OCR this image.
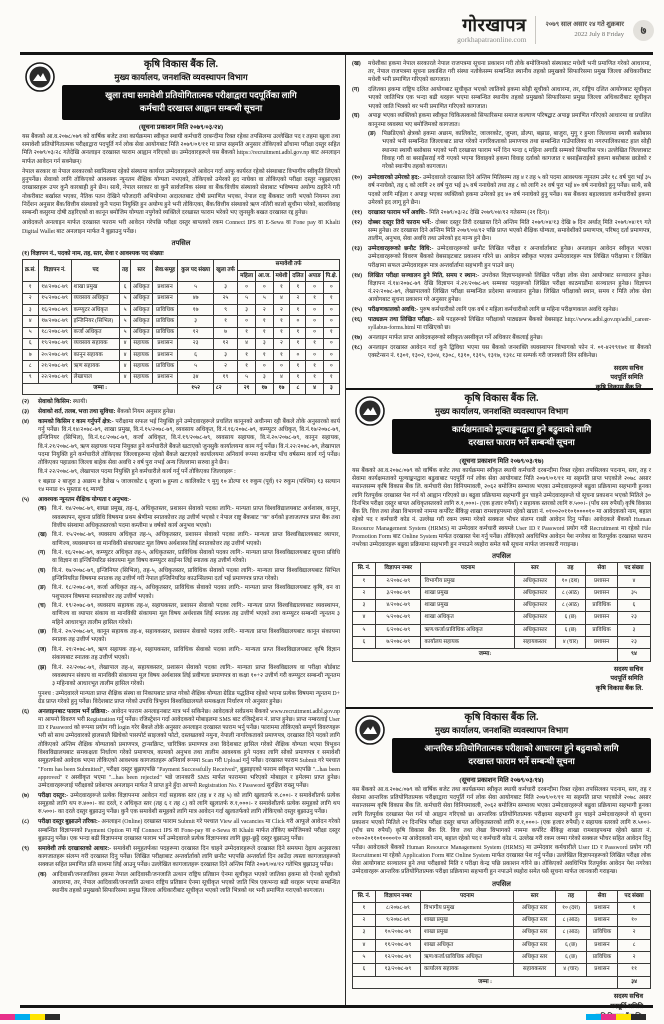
गोरखापत्र
gorkhapatraonline.com
२०७९ साल असार २४ गते शुक्रबार
2022 July 8 Friday	७
कृषि विकास बैंक लि.
मुख्य कार्यालय, जनशक्ति व्यवस्थापन विभाग
खुला तथा समावेशी प्रतियोगितात्मक परीक्षाद्वारा पदपूर्तिका लागि
कर्मचारी दरखास्त आह्वान सम्बन्धी सूचना
(सूचना प्रकाशन मिति २०७९/०३/२४)
यस बैंकको आ.व.२०७८/०७९ को वार्षिक बजेट तथा कार्यक्रममा स्वीकृत स्थायी कर्मचारी दरबन्दीमा रिक्त रहेका तपसिलमा उल्लेखित पद र तहमा खुला तथा समावेशी प्रतियोगितात्मक परीक्षाद्वारा पदपूर्ति गर्न लोक सेवा आयोगबाट मिति २०७९/०१/११ मा प्राप्त सहमति अनुसार तोकिएको ढाँचामा परीक्षा दस्तुर सहित मिति २०७९/०३/२८ गतेदेखि अनलाइन दरखास्त फाराम आह्वान गरिएको छ। उम्मेदवारहरूले यस बैंकको https://recruitment.adbl.gov.np बाट अनलाइन मार्फत आवेदन गर्न सक्नेछन्।
नेपाल सरकार वा नेपाल सरकारको स्वामित्वमा रहेको संस्थामा कार्यरत उम्मेदवारहरूले आवेदन गर्दा आफू कार्यरत रहेको संस्थाबाट विभागीय स्वीकृति लिएको हुनुपर्नेछ। सेवाको लागि तोकिएको आवश्यक न्यूनतम शैक्षिक योग्यता नभएको, तोकिएको उमेरको हद नाघेका वा तोकिएको परीक्षा दस्तुर नबुझाएका दरखास्तहरू उपर कुनै कारबाही हुने छैन। साथै, नेपाल सरकार वा कुनै सार्वजनिक संस्था वा बैंक/वित्तीय संस्थाको सेवाबाट भविष्यमा अयोग्य ठहरिने गरी नोकरीबाट बर्खास्त भएका, नैतिक पतन देखिने फौजदारी अभियोगमा अदालतबाट दोषी प्रमाणित भएका, नेपाल राष्ट्र बैंकबाट जारी भएको नियमन तथा निर्देशन अनुसार बैंक/वित्तीय संस्थाको कुनै पदमा नियुक्ति हुन अयोग्य हुने भनी तोकिएका, बैंक/वित्तीय संस्थाको ऋण नतिरी कालो सूचीमा परेको, बालविवाह सम्बन्धी कसुरमा दोषी ठहरिएको वा कानून बमोजिम योग्यता नपुगेको व्यक्तिले दरखास्त फाराम भरेको भए जुनसुकै बखत दरखास्त रद्द हुनेछ।
आवेदकले अनलाइन मार्फत दरखास्त फाराम भरी आवेदन गरेपछि परीक्षा दस्तुर बापतको रकम Connect IPS वा E-Sewa वा Fone pay वा Khalti Digital Wallet बाट अनलाइन मार्फत नै बुझाउनु पर्नेछ।
तपसिल
(१) विज्ञापन नं., पदको नाम, तह, स्तर, सेवा र आवश्यक पद संख्याः
क्र.सं.	विज्ञापन नं.	पद	तह	स्तर	सेवा/समूह	कुल पद संख्या	खुला तर्फ	समावेशी तर्फ					
								महिला	आ.ज.	मधेशी	दलित	अपाङ	पि.क्षे.
१	१४/२०७८-७९	शाखा प्रमुख	६	अधिकृत	प्रशासन	५	३	०	०	१	१	०	०
२	१५/२०७८-७९	व्यवसाय अधिकृत	५	अधिकृत	प्रशासन	४७	२५	५	५	४	२	१	१
३	१६/२०७८-७९	कम्प्युटर अधिकृत	५	अधिकृत	प्राविधिक	१७	९	३	२	२	१	०	०
४	१७/२०७८-७९	इन्जिनियर (सिभिल)	५	अधिकृत	प्राविधिक	३	१	०	१	१	०	०	०
५	१८/२०७८-७९	कर्जा अधिकृत	५	अधिकृत	प्राविधिक	१२	७	१	१	१	१	०	१
६	१९/२०७८-७९	व्यवसाय सहायक	४	सहायक	प्रशासन	२३	१२	४	३	२	१	१	०
७	२०/२०७८-७९	कानून सहायक	४	सहायक	प्रशासन	६	३	१	१	१	०	०	०
८	२१/२०७८-७९	ऋण सहायक	४	सहायक	प्राविधिक	५	२	१	०	०	१	१	०
९	२२/२०७८-७९	लेखापाल	४	सहायक	प्रशासन	३४	१९	५	३	४	१	१	१
जम्मा :						१५२	८२	२१	१७	१७	८	४	३
(२)	सेवाको किसिम: स्थायी।
(३)	सेवाको शर्त, तलब, भत्ता तथा सुविधा: बैंकको नियम अनुसार हुनेछ।
(४)	कामको किसिम र काम गर्नुपर्ने क्षेत्र:- परीक्षामा सफल भई नियुक्ति हुने उम्मेदवारहरूले प्रचलित कानूनको अधीनमा रही बैंकले तोके अनुसारको कार्य गर्नु पर्नेछ। वि.नं.१४/२०७८-७९, शाखा प्रमुख, वि.नं.१५/२०७८-७९, व्यवसाय अधिकृत, वि.नं.१६/२०७८-७९, कम्प्युटर अधिकृत, वि.नं.१७/२०७८-७९, इन्जिनियर (सिभिल), वि.नं.१८/२०७८-७९, कर्जा अधिकृत, वि.नं.१९/२०७८-७९, व्यवसाय सहायक, वि.नं.२०/२०७८-७९, कानून सहायक, वि.नं.२१/२०७८-७९, ऋण सहायक पदमा नियुक्त हुने कर्मचारीले बैंकले खटाएको जुनसुकै कार्यालयमा काम गर्नु पर्नेछ। वि.नं.२२/२०७८-७९, लेखापाल पदमा नियुक्ति हुने कर्मचारीले तोकिएका जिल्लाहरूमा रहेको बैंकले खटाएको कार्यालयमा अनिवार्य रूपमा कम्तीमा पाँच वर्षसम्म कार्य गर्नु पर्नेछ। तोकिएका पहाडका जिल्ला बाहेक सेवा अवधि २ वर्ष पुरा नभई अन्य जिल्लामा सरुवा हुने छैन।
वि.नं २२/२०७८-७९, लेखापाल पदमा नियुक्ति हुने कर्मचारीले कार्य गर्नु पर्ने तोकिएका जिल्लाहरू :
१ बझाङ २ बाजुरा ३ अछाम ४ दैलेख ५ जाजरकोट ६ जुम्ला ७ हुम्ला ८ कालिकोट ९ मुगु १० डोल्पा ११ रुकुम (पूर्व) १२ रुकुम (पश्चिम) १३ सल्यान १४ मनाङ १५ मुस्ताङ १६ म्याग्दी
(५)	आवश्यक न्यूनतम शैक्षिक योग्यता र अनुभव:-
(क) वि.नं. १४/२०७८-७९, शाखा प्रमुख, तह-६, अधिकृतस्तर, प्रशासन सेवाको पदका लागि:- मान्यता प्राप्त विश्वविद्यालयबाट अर्थशास्त्र, कानून, व्यवस्थापन, सूचना प्रविधि विषयमा प्रथम श्रेणीमा स्नातकोत्तर तह उत्तीर्ण भएको र नेपाल राष्ट्र बैंकबाट "क" वर्गको इजाजतपत्र प्राप्त बैंक तथा वित्तीय संस्थामा अधिकृतस्तरको पदमा कम्तीमा ४ वर्षको कार्य अनुभव भएको।
(ख) वि.नं. १५/२०७८-७९, व्यवसाय अधिकृत तह-५, अधिकृतस्तर, प्रशासन सेवाको पदका लागि:- मान्यता प्राप्त विश्वविद्यालयबाट व्यापार, वाणिज्य, व्यवस्थापन वा मानविकी संकायबाट मूल विषय अर्थशास्त्र लिई स्नातकोत्तर तह उत्तीर्ण भएको।
(ग)	वि.नं. १६/२०७८-७९, कम्प्युटर अधिकृत तह-५, अधिकृतस्तर, प्राविधिक सेवाको पदका लागि:- मान्यता प्राप्त विश्वविद्यालयबाट सूचना प्रविधि वा विज्ञान वा इन्जिनियरिङ संकायमा मूल विषय कम्प्युटर साईन्स लिई स्नातक तह उत्तीर्ण गरेको।
(घ)	वि.नं. १७/२०७८-७९, इन्जिनियर (सिभिल), तह-५, अधिकृतस्तर, प्राविधिक सेवाको पदका लागि:- मान्यता प्राप्त विश्वविद्यालयबाट सिभिल इन्जिनियरिङ विषयमा स्नातक तह उत्तीर्ण गरी नेपाल इन्जिनियरिङ काउन्सिलमा दर्ता भई प्रमाणपत्र प्राप्त गरेको।
(ङ)	वि.नं. १८/२०७८-७९, कर्जा अधिकृत तह-५, अधिकृतस्तर, प्राविधिक सेवाको पदका लागि:- मान्यता प्राप्त विश्वविद्यालयबाट कृषि, वन वा पशुपालन विषयमा स्नातकोत्तर तह उत्तीर्ण भएको।
(च)	वि.नं. १९/२०७८-७९, व्यवसाय सहायक तह-४, सहायकस्तर, प्रशासन सेवाको पदका लागि:- मान्यता प्राप्त विश्वविद्यालयबाट व्यवस्थापन, वाणिज्य वा व्यापार संकाय वा मानविकी संकायमा मूल विषय अर्थशास्त्र लिई स्नातक तह उत्तीर्ण भएको तथा कम्प्युटर सम्बन्धी न्यूनतम ३ महिने आधारभूत तालीम हासिल गरेको।
(छ)	वि.नं. २०/२०७८-७९, कानून सहायक तह-४, सहायकस्तर, प्रशासन सेवाको पदका लागि:- मान्यता प्राप्त विश्वविद्यालयबाट कानून संकायमा स्नातक तह उत्तीर्ण भएको।
(ज) वि.नं. २१/२०७८-७९, ऋण सहायक तह-४, सहायकस्तर, प्राविधिक सेवाको पदका लागि:- मान्यता प्राप्त विश्वविद्यालयबाट कृषि विज्ञान संकायबाट स्नातक तह उत्तीर्ण भएको।
(झ) वि.नं. २२/२०७८-७९, लेखापाल तह-४, सहायकस्तर, प्रशासन सेवाको पदका लागि:- मान्यता प्राप्त विश्वविद्यालय वा परीक्षा बोर्डबाट व्यवस्थापन संकाय वा मानविकी संकायमा मूल विषय अर्थशास्त्र लिई प्रवीणता प्रमाणपत्र वा कक्षा १०+२ उत्तीर्ण गरी कम्प्युटर सम्बन्धी न्यूनतम ३ महिनाको आधारभूत तालीम हासिल गरेको।
पुनश्च : उम्मेदवारले मान्यता प्राप्त शैक्षिक संस्था वा निकायबाट प्राप्त गरेको शैक्षिक योग्यता ग्रेडिङ पद्धतिमा रहेको भएमा प्रत्येक विषयमा न्यूनतम D+ ग्रेड प्राप्त गरेको हुनु पर्नेछ। विदेशबाट प्राप्त गरेको उपाधि त्रिभुवन विश्वविद्यालयले समकक्षता निर्धारण गरे अनुसार हुनेछ।
(६)	अनलाइनबाट फाराम भर्ने प्रक्रिया:- आवेदन फाराम अनलाइनबाट मात्र भर्न सकिनेछ। आवेदकले सर्वप्रथम बैंकको www.recruitment.adbl.gov.np मा आफ्नो विवरण भरी Registration गर्नु पर्नेछ। रजिस्ट्रेशन गर्दा आवेदकको मोबाइलमा SMS बाट रजिस्ट्रेशन नं. प्राप्त हुनेछ। प्राप्त नम्बरलाई User ID र Password को रूपमा प्रयोग गरी login गरेर बैंकले तोके अनुसार अनलाइन दरखास्त फाराम भर्नु पर्नेछ। फाराममा तोकिएको सम्पूर्ण विवरणहरू भरी सो साथ उम्मेदवारको हालसालै खिचेको पासपोर्ट साइजको फोटो, दस्तखतको नमुना, नेपाली नागरिकताको प्रमाणपत्र, दरखास्त दिने पदको लागि तोकिएको अन्तिम शैक्षिक योग्यताको प्रमाणपत्र, ट्रान्सक्रिप्ट, चारित्रिक प्रमाणपत्र तथा विदेशबाट हासिल गरेको शैक्षिक योग्यता भएमा त्रिभुवन विश्वविद्यालयबाट समकक्षता निर्धारण गरेको प्रमाणपत्र, कामको अनुभव तथा तालीम आवश्यक हुने पदका लागि सोको प्रमाणपत्र र समावेशी समूहतर्फको आवेदक भएमा तोकिएको आवश्यक कागजातहरू अनिवार्य रूपमा Scan गरी Upload गर्नु पर्नेछ। दरखास्त फाराम Submit गरे पश्चात "Form has been Submitted", परीक्षा दस्तुर बुझाएपछि "Payment Successfully Received", बुझाइएको फाराम स्वीकृत भएपछि "...has been approved" र अस्वीकृत भएमा "...has been rejected" भन्ने जानकारी SMS मार्फत फाराममा भरिएको मोबाइल र इमेलमा प्राप्त हुनेछ। उम्मेदवारहरूलाई परीक्षाको प्रवेशपत्र अनलाइन मार्फत नै प्राप्त हुने हुँदा आफ्नो Registration No. र Password सुरक्षित राख्नु पर्नेछ।
(७)	परीक्षा दस्तुर:- उम्मेदवारहरूले प्रत्येक विज्ञापनमा आवेदन गर्दा सहायक स्तर (तह ४ र तह ५) को लागि खुलातर्फ रु.८००।- र समावेशीतर्फ प्रत्येक समूहको लागि थप रु.४००।- का दरले, र अधिकृत स्तर (तह ६ र तह ८) को लागि खुलातर्फ रु.१,०००।- र समावेशीतर्फ प्रत्येक समूहको लागि थप रु.५००।- का दरले दस्तुर बुझाउनु पर्नेछ। कुनै एक समावेशी समूहको लागि मात्र आवेदन गर्दा खुलातर्फको लागि तोकिएको दस्तुर बुझाउनु पर्नेछ।
(८)	परीक्षा दस्तुर बुझाउने तरिका:- अनलाइन (Online) दरखास्त फाराम Submit गरे पश्चात View all vacancies मा Click गरी आफूले आवेदन गरेको सम्बन्धित विज्ञापनको Payment Option मा गई Connect IPS वा Fone-pay वा e-Sewa वा Khalti मार्फत तोकिए बमोजिमको परीक्षा दस्तुर बुझाउनु पर्नेछ। एक भन्दा बढी विज्ञापनमा दरखास्त फाराम भर्ने उम्मेदवारले प्रत्येक विज्ञापनका लागि छुट्टा-छुट्टै दस्तुर बुझाउनु पर्नेछ।
(९)	समावेशी तर्फ दरखास्तको आधार:- समावेशी समूहतर्फका पदहरूमा दरखास्त दिन चाहने उम्मेदवारहरूले दरखास्त दिने समयमा देहाय अनुसारका कागजातहरू संलग्न गरी दरखास्त दिनु पर्नेछ। लिखित परीक्षाबाट अन्तर्वार्ताको लागि छनौट भएपछि अन्तर्वार्ता दिन आउँदा त्यस्ता कागजातहरूको सक्कल सहित प्रमाणित प्रति साथमा लिई आउनु पर्नेछ। उल्लेखित कागजातहरू दरखास्त दिने अन्तिम मिति २०७९/०४/१२ गतेभित्र बुझाउनु पर्नेछ।
(क) आदिवासी/जनजातिका हकमा नेपाल आदिवासी/जनजाति उत्थान राष्ट्रिय प्रतिष्ठान ऐनमा सूचीकृत भएको जातिका हकमा सो ऐनको सूचीको आधारमा, तर, नेपाल आदिवासी/जनजाति उत्थान राष्ट्रिय प्रतिष्ठान ऐनमा सूचीकृत भएको जाति भित्र एकभन्दा बढी थरहरू भएमा सम्बन्धित स्थानीय तहको प्रमुखको सिफारिसमा प्रमुख जिल्ला अधिकारीबाट सूचीकृत भएको जाति भित्रको थर भनी प्रमाणित गराएको कागजात।
(ख)	मधेशीका हकमा नेपाल सरकारले नेपाल राजपत्रमा सूचना प्रकाशन गरी तोके बमोजिमको संस्थाबाट मधेशी भनी प्रमाणित गरेको आधारमा, तर, नेपाल राजपत्रमा सूचना प्रकाशित गरी संस्था नतोकेसम्म सम्बन्धित स्थानीय तहको प्रमुखको सिफारिसमा प्रमुख जिल्ला अधिकारीबाट मधेशी भनी प्रमाणित गरिएको कागजात।
(ग)	दलितका हकमा राष्ट्रिय दलित आयोगबाट सूचीकृत भएको जातिको हकमा सोही सूचीको आधारमा, तर, राष्ट्रिय दलित आयोगबाट सूचीकृत भएको जातिभित्र एक भन्दा बढी थरहरू भएमा सम्बन्धित स्थानीय तहको प्रमुखको सिफारिसमा प्रमुख जिल्ला अधिकारीबाट सूचीकृत भएको जाति भित्रको थर भनी प्रमाणित गरिएको कागजात।
(घ)	अपाङ्ग भएका व्यक्तिको हकमा स्वीकृत चिकित्सकको सिफारिसमा समाज कल्याण परिषद्बाट अपाङ्ग प्रमाणित गरिएको आधारमा वा प्रचलित कानूनमा व्यवस्था भए बमोजिमको कागजात।
(ङ)	पिछडिएको क्षेत्रको हकमा अछाम, कालिकोट, जाजरकोट, जुम्ला, डोल्पा, बझाङ, बाजुरा, मुगु र हुम्ला जिल्लामा स्थायी बसोबास भएको भनी सम्बन्धित जिल्लाबाट प्राप्त गरेको नागरिकताको प्रमाणपत्र तथा सम्बन्धित गाउँपालिका वा नगरपालिकाबाट हाल सोही स्थानमा स्थायी बसोबास भएको भनी दरखास्त फाराम भर्ने दिन भन्दा ६ महिना अगाडि सम्मको सिफारिस पत्र। उल्लेखित जिल्लाबाट विवाह गरी वा बसाइँसराई गरी गएको भएमा विवाहको हकमा विवाह दर्ताको कागजात र बसाइँसराईको हकमा बसोबास छाडेको र गरेको स्थानीय तहको कागजात।
(१०)	उम्मेदवारको उमेरको हद:- उम्मेदवारले दरखास्त दिने अन्तिम मितिसम्म तह ४ र तह ५ को पदमा आवश्यक न्यूनतम उमेर १८ वर्ष पुरा भई ३५ वर्ष ननाघेको, तह ६ को लागि २१ वर्ष पुरा भई ३५ वर्ष ननाघेको तथा तह ८ को लागि २१ वर्ष पुरा भई ४० वर्ष ननाघेको हुनु पर्नेछ। साथै, सबै पदको लागि महिला र अपाङ्ग भएका व्यक्तिको हकमा उमेरको हद ४० वर्ष ननाघेको हुनु पर्नेछ। यस बैंकका बहालवाला कर्मचारीको हकमा उमेरको हद लागू हुने छैन।
(११)	दरखास्त फाराम भर्ने अवधि:- मिति २०७९/०३/२८ देखि २०७९/०४/१२ गतेसम्म (२१ दिन)।
(१२)	दोब्बर दस्तुर तिरी फाराम भर्ने:- दोब्बर दस्तुर तिरी दरखास्त दिने अन्तिम मिति २०७९/०४/१३ देखि ७ दिन अर्थात् मिति २०७९/०४/१९ गते सम्म हुनेछ। तर दरखास्त दिने अन्तिम मिति २०७९/०४/१२ पछि प्राप्त भएको शैक्षिक योग्यता, समावेशीको प्रमाणपत्र, परिषद् दर्ता प्रमाणपत्र, तालीम, अनुभव, सेवा अवधि तथा उमेरको हद मान्य हुने छैन।
(१३)	उम्मेदवारहरूको छनौट विधि:- उम्मेदवारहरूको छनौट लिखित परीक्षा र अन्तर्वार्ताबाट हुनेछ। अनलाइन आवेदन स्वीकृत भएका उम्मेदवारहरूको विवरण बैंकको वेबसाइटबाट प्रकाशन गरिने छ। आवेदन स्वीकृत भएका उम्मेदवारहरू मात्र लिखित परीक्षामा र लिखित परीक्षामा सफल उम्मेदवारहरू मात्र अन्तर्वार्तामा सहभागी हुन पाउने छन्।
(१४)	लिखित परीक्षा सञ्चालन हुने मिति, समय र स्थान:- उपरोक्त विज्ञापनहरूको लिखित परीक्षा लोक सेवा आयोगबाट सञ्चालन हुनेछ। विज्ञापन नं.१४/२०७८-७९ देखि विज्ञापन नं.२१/२०७८-७९ सम्मका पदहरूको लिखित परीक्षा काठमाडौंमा सञ्चालन हुनेछ। विज्ञापन नं.२२/२०७८-७९, लेखापालको लिखित परीक्षा सम्बन्धित प्रदेशमा सञ्चालन हुनेछ। लिखित परीक्षाको स्थान, समय र मिति लोक सेवा आयोगबाट सूचना प्रकाशन गरे अनुसार हुनेछ।
(१५)	परीक्षणकालको अवधि:- पुरुष कर्मचारीको लागि एक वर्ष र महिला कर्मचारीको लागि छ महिना परीक्षणकाल अवधि रहनेछ।
(१६)	पाठ्यक्रम तथा लिखित परीक्षा:- सबै पदहरूको लिखित परीक्षाको पाठ्यक्रम बैंकको वेबसाइट http://www.adbl.gov.np/adbl_career-syllabus-forms.html मा राखिएको छ।
(१७)	अनलाइन मार्फत प्राप्त आवेदकहरूको स्वीकृत/अस्वीकृत गर्ने अधिकार बैंकलाई हुनेछ।
(१८)	अनलाइन दरखास्त आवेदन गर्दा कुनै द्विविधा भएमा यस बैंकको जनशक्ति व्यवस्थापन विभागको फोन नं. ०१-४२१९१७१ वा बैंकको एक्स्टेन्सन नं. १३०१, १३०२, १३०४, १३०८, १३१०, १३१५, १३१७, १३१८ मा सम्पर्क गरी जानकारी लिन सकिनेछ।
सदस्य सचिव
पदपूर्ति समिति
कृषि विकास बैंक लि.
कृषि विकास बैंक लि.
मुख्य कार्यालय, जनशक्ति व्यवस्थापन विभाग
कार्यक्षमताको मूल्याङ्कनद्वारा हुने बढुवाको लागि
दरखास्त फाराम भर्ने सम्बन्धी सूचना
(सूचना प्रकाशन मिति २०७९/०३/१७)
यस बैंकको आ.व.२०७८/०७९ को वार्षिक बजेट तथा कार्यक्रममा स्वीकृत स्थायी कर्मचारी दरबन्दीमा रिक्त रहेका तपसिलका पदनाम, स्तर, तह र सेवामा कार्यक्षमताको मूल्याङ्कनद्वारा बढुवाबाट पदपूर्ति गर्न लोक सेवा आयोगबाट मिति २०७९/०१/११ मा सहमति प्राप्त भएकोले २०७८ असार मसान्तसम्म कृषि विकास बैंक लि. कर्मचारी सेवा विनियमावली, २०६२ बमोजिम सम्भाव्य भएका उम्मेदवारहरूले बढुवा प्रक्रियामा सहभागी हुनका लागि रितपूर्वक दरखास्त पेश गर्न यो आह्वान गरिएको छ। बढुवा प्रक्रियामा सहभागी हुन चाहने उम्मेदवारहरूले यो सूचना प्रकाशन भएको मितिले ३० दिनभित्र परीक्षा दस्तुर बापत अधिकृतस्तरको लागि रु.१,०००।- (एक हजार रुपैयाँ) र सहायक स्तरको लागि रु.५००।- (पाँच सय रुपैयाँ) कृषि विकास बैंक लि. वित्त तथा लेखा विभागको नाममा कर्पोरेट बैंकिङ्ग शाखा रामशाहपथमा रहेको खाता नं. ०१००२०११०१००००१० मा आवेदकको नाम, बहाल रहेको पद र कर्मचारी कोड नं. उल्लेख गरी रकम जम्मा गरेको सक्कल भौचर संलग्न राखी आवेदन दिनु पर्नेछ। आवेदकले बैंकको Human Resource Management System (HRMS) मा उम्मेदवार कर्मचारी स्वयम्ले User ID र Password प्रयोग गरी Recruitment मा रहेको File Promotion Form बाट Online System मार्फत दरखास्त पेश गर्नु पर्नेछ। तोकिएको अवधिभित्र आवेदन पेश नगरेका वा रितपूर्वक दरखास्त फाराम नभरेका उम्मेदवारहरू बढुवा प्रक्रियामा सहभागी हुन नपाउने व्यहोरा समेत यसै सूचना मार्फत जानकारी गराइन्छ।
तपसिल
सि. नं.	विज्ञापन नम्बर	पदनाम	स्तर	तह	सेवा	पद संख्या
१	२/२०७८-७९	विभागीय प्रमुख	अधिकृतस्तर	१० (दश)	प्रशासन	४
२	३/२०७८-७९	शाखा प्रमुख	अधिकृतस्तर	८ (आठ)	प्रशासन	३५
३	४/२०७८-७९	शाखा प्रमुख	अधिकृतस्तर	८ (आठ)	प्राविधिक	६
४	५/२०७८-७९	शाखा अधिकृत	अधिकृतस्तर	६ (छ)	प्रशासन	२३
५	६/२०७८-७९	ऋण/कर्जा/प्राविधिक अधिकृत	अधिकृतस्तर	६ (छ)	प्राविधिक	३
६	७/२०७८-७९	कार्यालय सहायक	सहायकस्तर	४ (चार)	प्रशासन	२३
जम्मा:						९४
सदस्य सचिव
पदपूर्ति समिति
कृषि विकास बैंक लि.
कृषि विकास बैंक लि.
मुख्य कार्यालय, जनशक्ति व्यवस्थापन विभाग
आन्तरिक प्रतियोगितात्मक परीक्षाको आधारमा हुने बढुवाको लागि
दरखास्त फाराम भर्ने सम्बन्धी सूचना
(सूचना प्रकाशन मिति २०७९/०३/१४)
यस बैंकको आ.व.२०७८/०७९ को वार्षिक बजेट तथा कार्यक्रममा स्वीकृत स्थायी कर्मचारी दरबन्दीमा रिक्त रहेका तपसिलका पदनाम, स्तर, तह र सेवामा आन्तरिक प्रतियोगितात्मक परीक्षाद्वारा पदपूर्ति गर्न लोक सेवा आयोगबाट मिति २०७९/०१/११ मा सहमति प्राप्त भएकोले २०७८ असार मसान्तसम्म कृषि विकास बैंक लि. कर्मचारी सेवा विनियमावली, २०६२ बमोजिम सम्भाव्य भएका उम्मेदवारहरूले बढुवा प्रक्रियामा सहभागी हुनका लागि रितपूर्वक दरखास्त पेश गर्न यो आह्वान गरिएको छ। आन्तरिक प्रतियोगितात्मक परीक्षामा सहभागी हुन चाहने उम्मेदवारहरूले यो सूचना प्रकाशन भएको मितिले २१ दिनभित्र परीक्षा दस्तुर बापत अधिकृतस्तरको लागि रु.१,०००।- (एक हजार रुपैयाँ) र सहायक स्तरको लागि रु.५००।- (पाँच सय रुपैयाँ) कृषि विकास बैंक लि. वित्त तथा लेखा विभागको नाममा कर्पोरेट बैंकिङ्ग शाखा रामशाहपथमा रहेको खाता नं. ०१००२०११०१००००१० मा आवेदकको नाम, बहाल रहेको पद र कर्मचारी कोड नं. उल्लेख गरी रकम जम्मा गरेको सक्कल भौचर सहित आवेदन दिनु पर्नेछ। आवेदकले बैंकको Human Resource Management System (HRMS) मा उम्मेदवार कर्मचारीले User ID र Password प्रयोग गरी Recruitment मा रहेको Application Form बाट Online System मार्फत दरखास्त पेश गर्नु पर्नेछ। उल्लेखित विज्ञापनहरूको लिखित परीक्षा लोक सेवा आयोगबाट सञ्चालन हुने तथा परीक्षाको मिति र परीक्षा केन्द्र पछि प्रकाशन गरिने छ। तोकिएको अवधिभित्र रितपूर्वक आवेदन पेश नगरेका उम्मेदवारहरू आन्तरिक प्रतियोगितात्मक परीक्षा प्रक्रियामा सहभागी हुन नपाउने व्यहोरा समेत यसै सूचना मार्फत जानकारी गराइन्छ।
तपसिल
सि. नं.	विज्ञापन नम्बर	पदनाम	स्तर	तह	सेवा	पद संख्या
१	८/२०७८-७९	विभागीय प्रमुख	अधिकृत स्तर	१० (दश)	प्रशासन	१
२	९/२०७८-७९	शाखा प्रमुख	अधिकृत स्तर	८ (आठ)	प्रशासन	१०
३	१०/२०७८-७९	शाखा प्रमुख	अधिकृत स्तर	८ (आठ)	प्राविधिक	२
४	११/२०७८-७९	शाखा अधिकृत	अधिकृत स्तर	६ (छ)	प्रशासन	८
५	१२/२०७८-७९	ऋण/कर्जा/प्राविधिक अधिकृत	अधिकृत स्तर	६ (छ)	प्राविधिक	२
६	१३/२०७८-७९	कार्यालय सहायक	सहायकस्तर	४ (चार)	प्रशासन	११
जम्मा :						३४
सदस्य सचिव
पदपूर्ति समिति
